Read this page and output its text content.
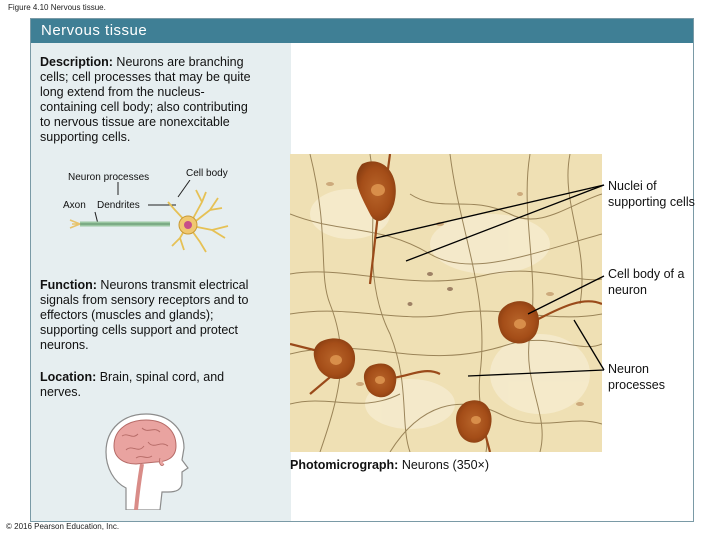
Figure 4.10 Nervous tissue.
Nervous tissue
Description: Neurons are branching cells; cell processes that may be quite long extend from the nucleus-containing cell body; also contributing to nervous tissue are nonexcitable supporting cells.
Neuron processes	Cell body
Axon Dendrites
Function: Neurons transmit electrical signals from sensory receptors and to effectors (muscles and glands); supporting cells support and protect neurons.
Location: Brain, spinal cord, and nerves.
Photomicrograph: Neurons (350×)
Nuclei of supporting cells
Cell body of a neuron
Neuron processes
© 2016 Pearson Education, Inc.
